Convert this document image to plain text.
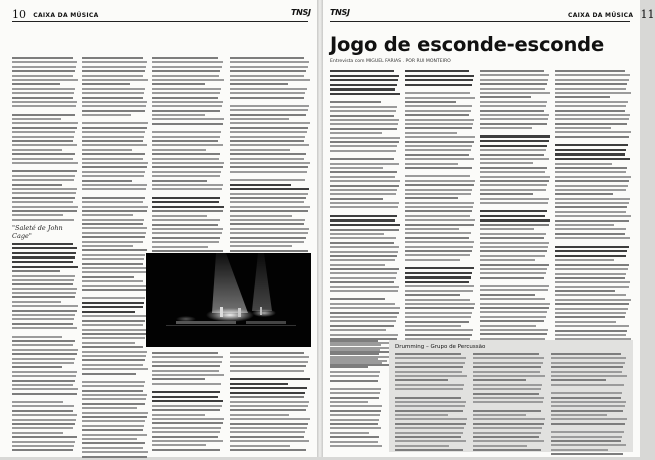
10 CAIXA DA MÚSICA	TNSJ
"Saleté de John Cage"
TNSJ	CAIXA DA MÚSICA 11
Jogo de esconde-esconde
Entrevista com MIGUEL FARIAS . POR RUI MONTEIRO
Drumming – Grupo de Percussão
